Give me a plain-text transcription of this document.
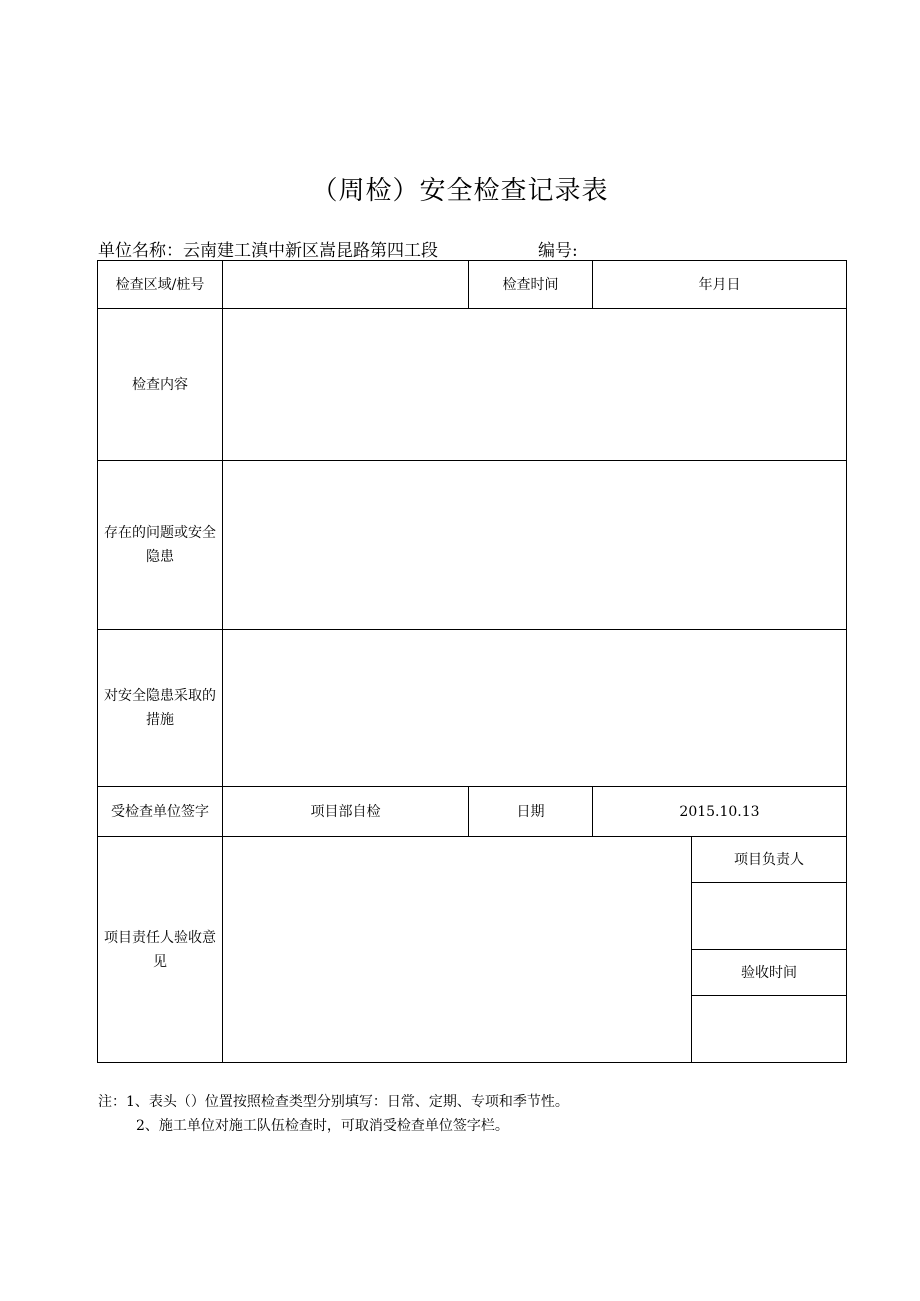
（周检）安全检查记录表
单位名称：云南建工滇中新区嵩昆路第四工段	编号:
检查区域/桩号		检查时间	年月日	
检查内容				
存在的问题或安全隐患				
对安全隐患采取的措施				
受检查单位签字	项目部自检	日期	2015.10.13	
项目责任人验收意见				项目负责人

				验收时间

注：1、表头（）位置按照检查类型分别填写：日常、定期、专项和季节性。
2、施工单位对施工队伍检查时，可取消受检查单位签字栏。
